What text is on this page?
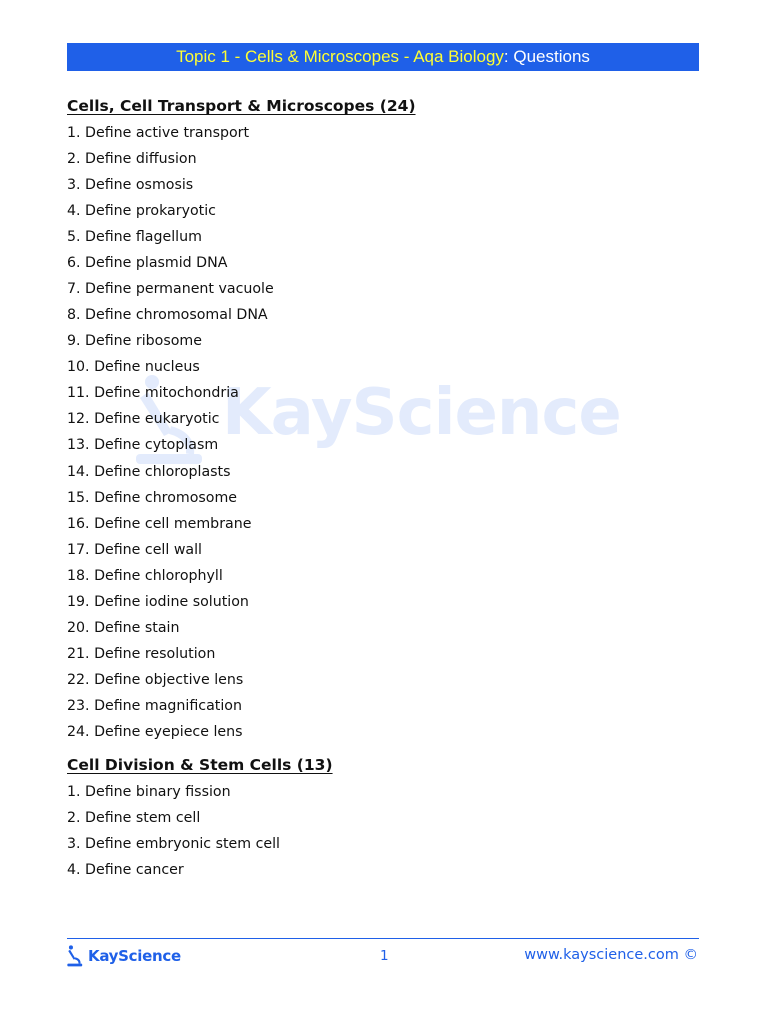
Topic 1 - Cells & Microscopes - Aqa Biology: Questions
KayScience
Cells, Cell Transport & Microscopes (24)
1. Define active transport
2. Define diffusion
3. Define osmosis
4. Define prokaryotic
5. Define flagellum
6. Define plasmid DNA
7. Define permanent vacuole
8. Define chromosomal DNA
9. Define ribosome
10. Define nucleus
11. Define mitochondria
12. Define eukaryotic
13. Define cytoplasm
14. Define chloroplasts
15. Define chromosome
16. Define cell membrane
17. Define cell wall
18. Define chlorophyll
19. Define iodine solution
20. Define stain
21. Define resolution
22. Define objective lens
23. Define magnification
24. Define eyepiece lens
Cell Division & Stem Cells (13)
1. Define binary fission
2. Define stem cell
3. Define embryonic stem cell
4. Define cancer
KayScience	1	www.kayscience.com ©
